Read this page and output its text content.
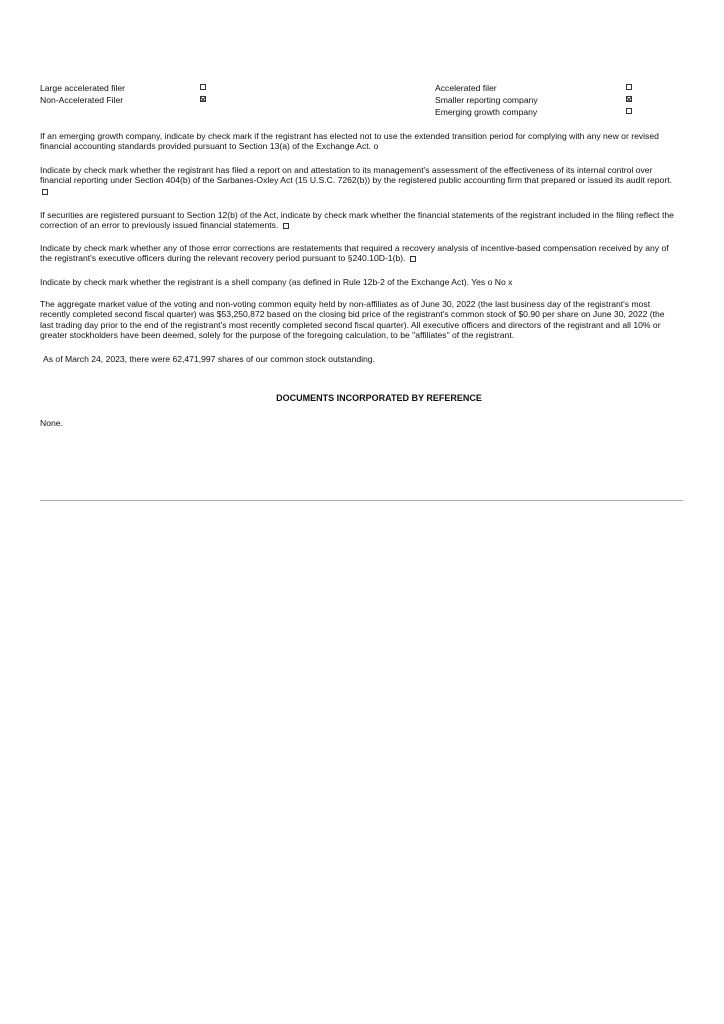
Large accelerated filer
Non-Accelerated Filer
Accelerated filer
Smaller reporting company
Emerging growth company
If an emerging growth company, indicate by check mark if the registrant has elected not to use the extended transition period for complying with any new or revised financial accounting standards provided pursuant to Section 13(a) of the Exchange Act. o
Indicate by check mark whether the registrant has filed a report on and attestation to its management's assessment of the effectiveness of its internal control over financial reporting under Section 404(b) of the Sarbanes-Oxley Act (15 U.S.C. 7262(b)) by the registered public accounting firm that prepared or issued its audit report.
If securities are registered pursuant to Section 12(b) of the Act, indicate by check mark whether the financial statements of the registrant included in the filing reflect the correction of an error to previously issued financial statements.
Indicate by check mark whether any of those error corrections are restatements that required a recovery analysis of incentive-based compensation received by any of the registrant's executive officers during the relevant recovery period pursuant to §240.10D-1(b).
Indicate by check mark whether the registrant is a shell company (as defined in Rule 12b-2 of the Exchange Act). Yes o No x
The aggregate market value of the voting and non-voting common equity held by non-affiliates as of June 30, 2022 (the last business day of the registrant's most recently completed second fiscal quarter) was $53,250,872 based on the closing bid price of the registrant's common stock of $0.90 per share on June 30, 2022 (the last trading day prior to the end of the registrant's most recently completed second fiscal quarter). All executive officers and directors of the registrant and all 10% or greater stockholders have been deemed, solely for the purpose of the foregoing calculation, to be "affiliates" of the registrant.
As of March 24, 2023, there were 62,471,997 shares of our common stock outstanding.
DOCUMENTS INCORPORATED BY REFERENCE
None.
